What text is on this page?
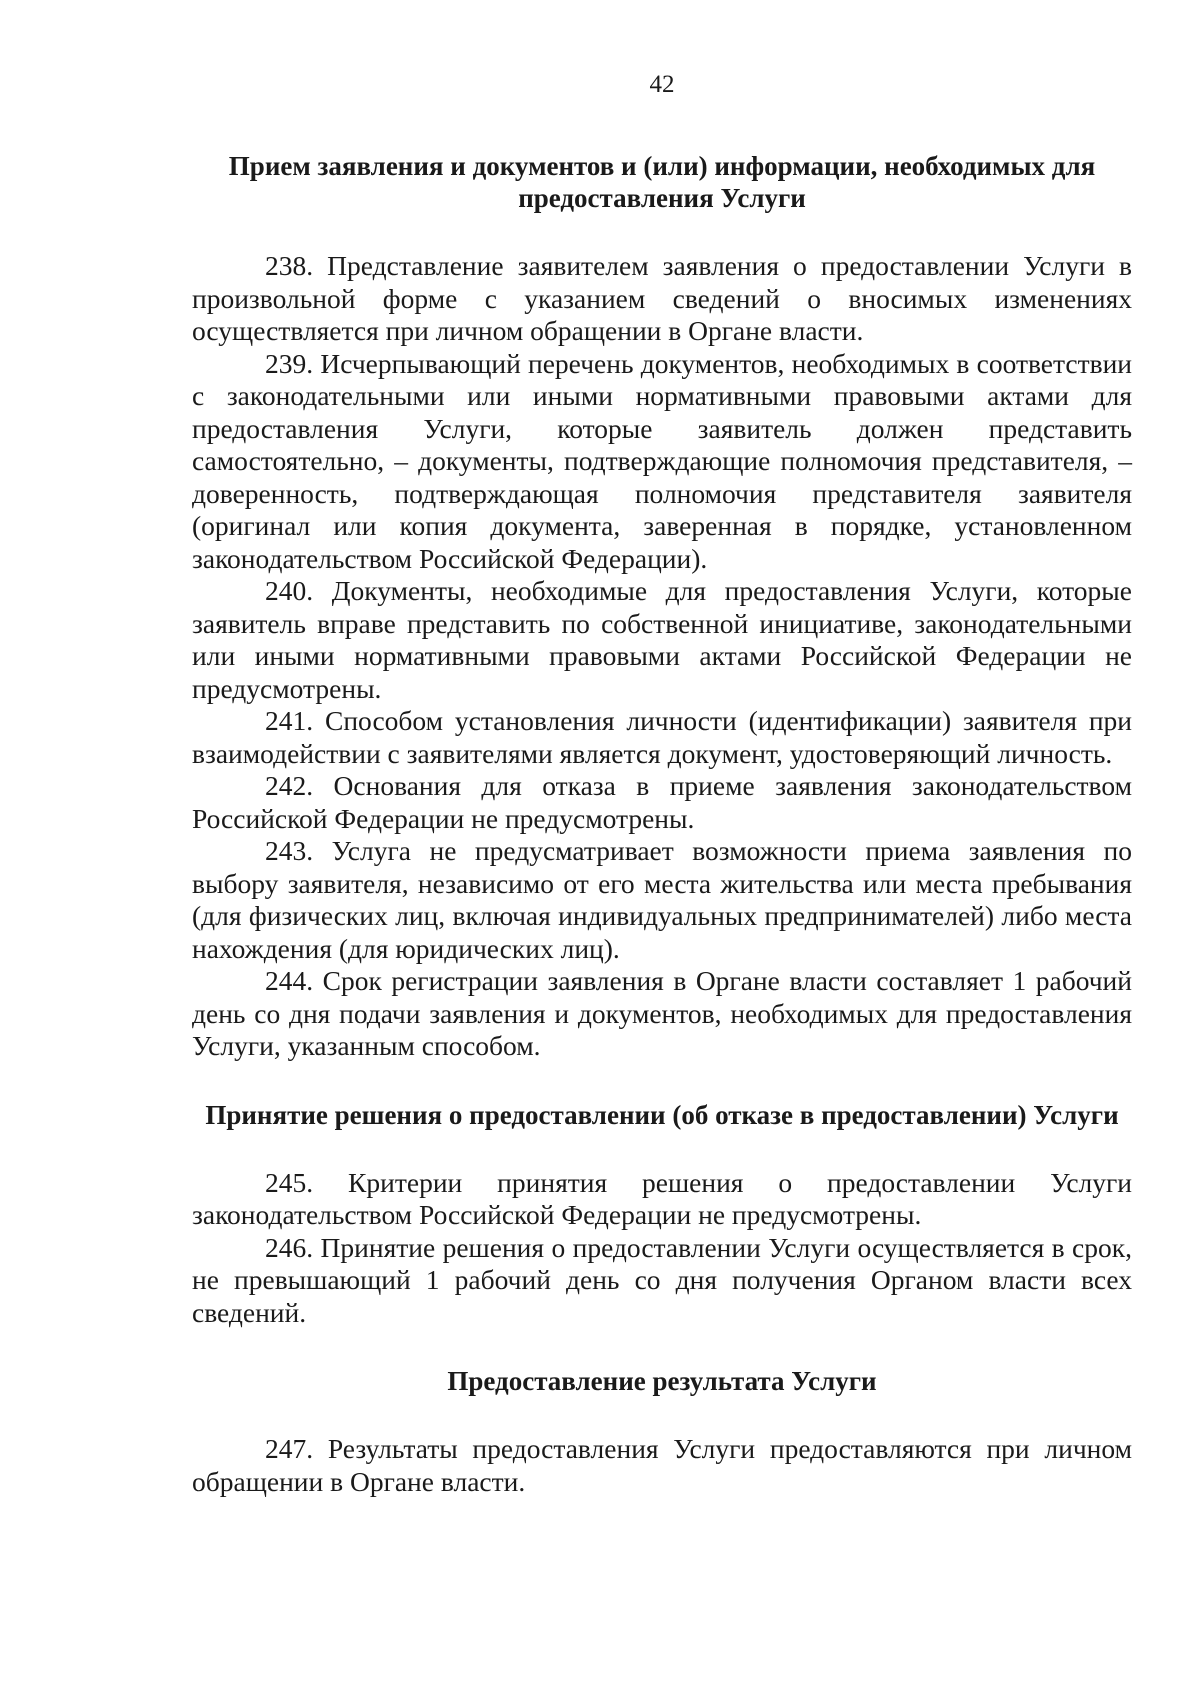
42
Прием заявления и документов и (или) информации, необходимых для предоставления Услуги

238. Представление заявителем заявления о предоставлении Услуги в произвольной форме с указанием сведений о вносимых изменениях осуществляется при личном обращении в Органе власти.

239. Исчерпывающий перечень документов, необходимых в соответствии с законодательными или иными нормативными правовыми актами для предоставления Услуги, которые заявитель должен представить самостоятельно, – документы, подтверждающие полномочия представителя, – доверенность, подтверждающая полномочия представителя заявителя (оригинал или копия документа, заверенная в порядке, установленном законодательством Российской Федерации).

240. Документы, необходимые для предоставления Услуги, которые заявитель вправе представить по собственной инициативе, законодательными или иными нормативными правовыми актами Российской Федерации не предусмотрены.

241. Способом установления личности (идентификации) заявителя при взаимодействии с заявителями является документ, удостоверяющий личность.

242. Основания для отказа в приеме заявления законодательством Российской Федерации не предусмотрены.

243. Услуга не предусматривает возможности приема заявления по выбору заявителя, независимо от его места жительства или места пребывания (для физических лиц, включая индивидуальных предпринимателей) либо места нахождения (для юридических лиц).

244. Срок регистрации заявления в Органе власти составляет 1 рабочий день со дня подачи заявления и документов, необходимых для предоставления Услуги, указанным способом.

Принятие решения о предоставлении (об отказе в предоставлении) Услуги

245. Критерии принятия решения о предоставлении Услуги законодательством Российской Федерации не предусмотрены.

246. Принятие решения о предоставлении Услуги осуществляется в срок, не превышающий 1 рабочий день со дня получения Органом власти всех сведений.

Предоставление результата Услуги

247. Результаты предоставления Услуги предоставляются при личном обращении в Органе власти.
